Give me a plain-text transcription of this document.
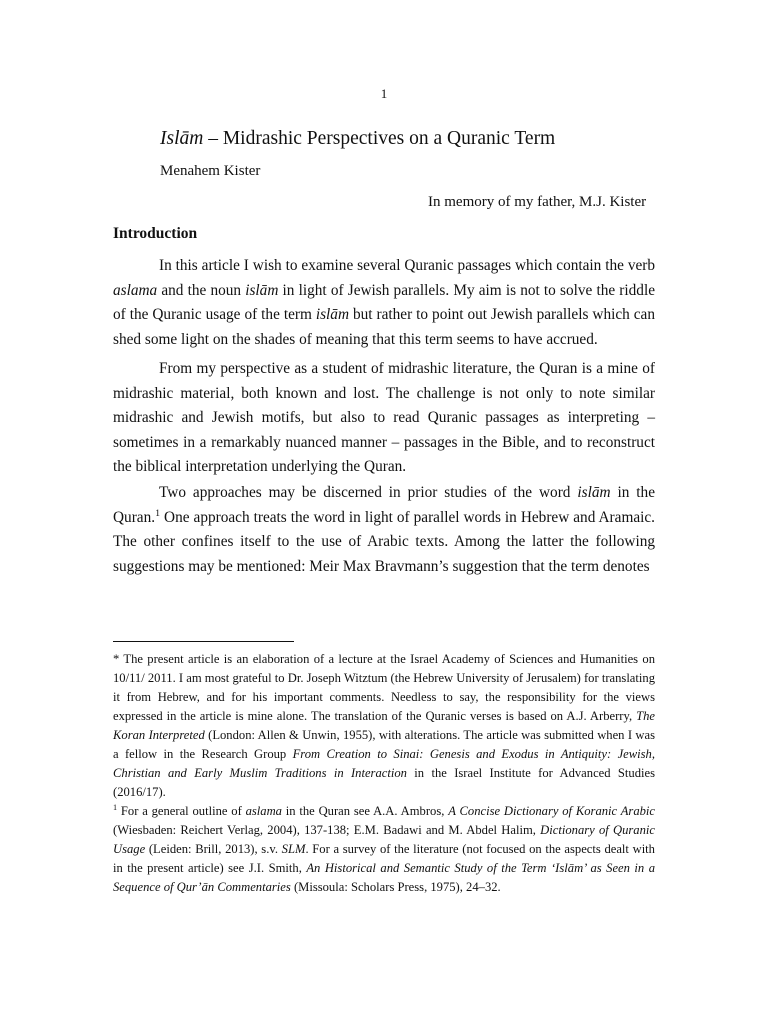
1
Islām – Midrashic Perspectives on a Quranic Term
Menahem Kister
In memory of my father, M.J. Kister
Introduction

In this article I wish to examine several Quranic passages which contain the verb aslama and the noun islām in light of Jewish parallels. My aim is not to solve the riddle of the Quranic usage of the term islām but rather to point out Jewish parallels which can shed some light on the shades of meaning that this term seems to have accrued.

From my perspective as a student of midrashic literature, the Quran is a mine of midrashic material, both known and lost. The challenge is not only to note similar midrashic and Jewish motifs, but also to read Quranic passages as interpreting – sometimes in a remarkably nuanced manner – passages in the Bible, and to reconstruct the biblical interpretation underlying the Quran.

Two approaches may be discerned in prior studies of the word islām in the Quran.$^1$ One approach treats the word in light of parallel words in Hebrew and Aramaic. The other confines itself to the use of Arabic texts. Among the latter the following suggestions may be mentioned: Meir Max Bravmann’s suggestion that the term denotes

* The present article is an elaboration of a lecture at the Israel Academy of Sciences and Humanities on 10/11/ 2011. I am most grateful to Dr. Joseph Witztum (the Hebrew University of Jerusalem) for translating it from Hebrew, and for his important comments. Needless to say, the responsibility for the views expressed in the article is mine alone. The translation of the Quranic verses is based on A.J. Arberry, The Koran Interpreted (London: Allen & Unwin, 1955), with alterations. The article was submitted when I was a fellow in the Research Group From Creation to Sinai: Genesis and Exodus in Antiquity: Jewish, Christian and Early Muslim Traditions in Interaction in the Israel Institute for Advanced Studies (2016/17).

$^1$ For a general outline of aslama in the Quran see A.A. Ambros, A Concise Dictionary of Koranic Arabic (Wiesbaden: Reichert Verlag, 2004), 137-138; E.M. Badawi and M. Abdel Halim, Dictionary of Quranic Usage (Leiden: Brill, 2013), s.v. SLM. For a survey of the literature (not focused on the aspects dealt with in the present article) see J.I. Smith, An Historical and Semantic Study of the Term ‘Islām’ as Seen in a Sequence of Qur’ān Commentaries (Missoula: Scholars Press, 1975), 24–32.
